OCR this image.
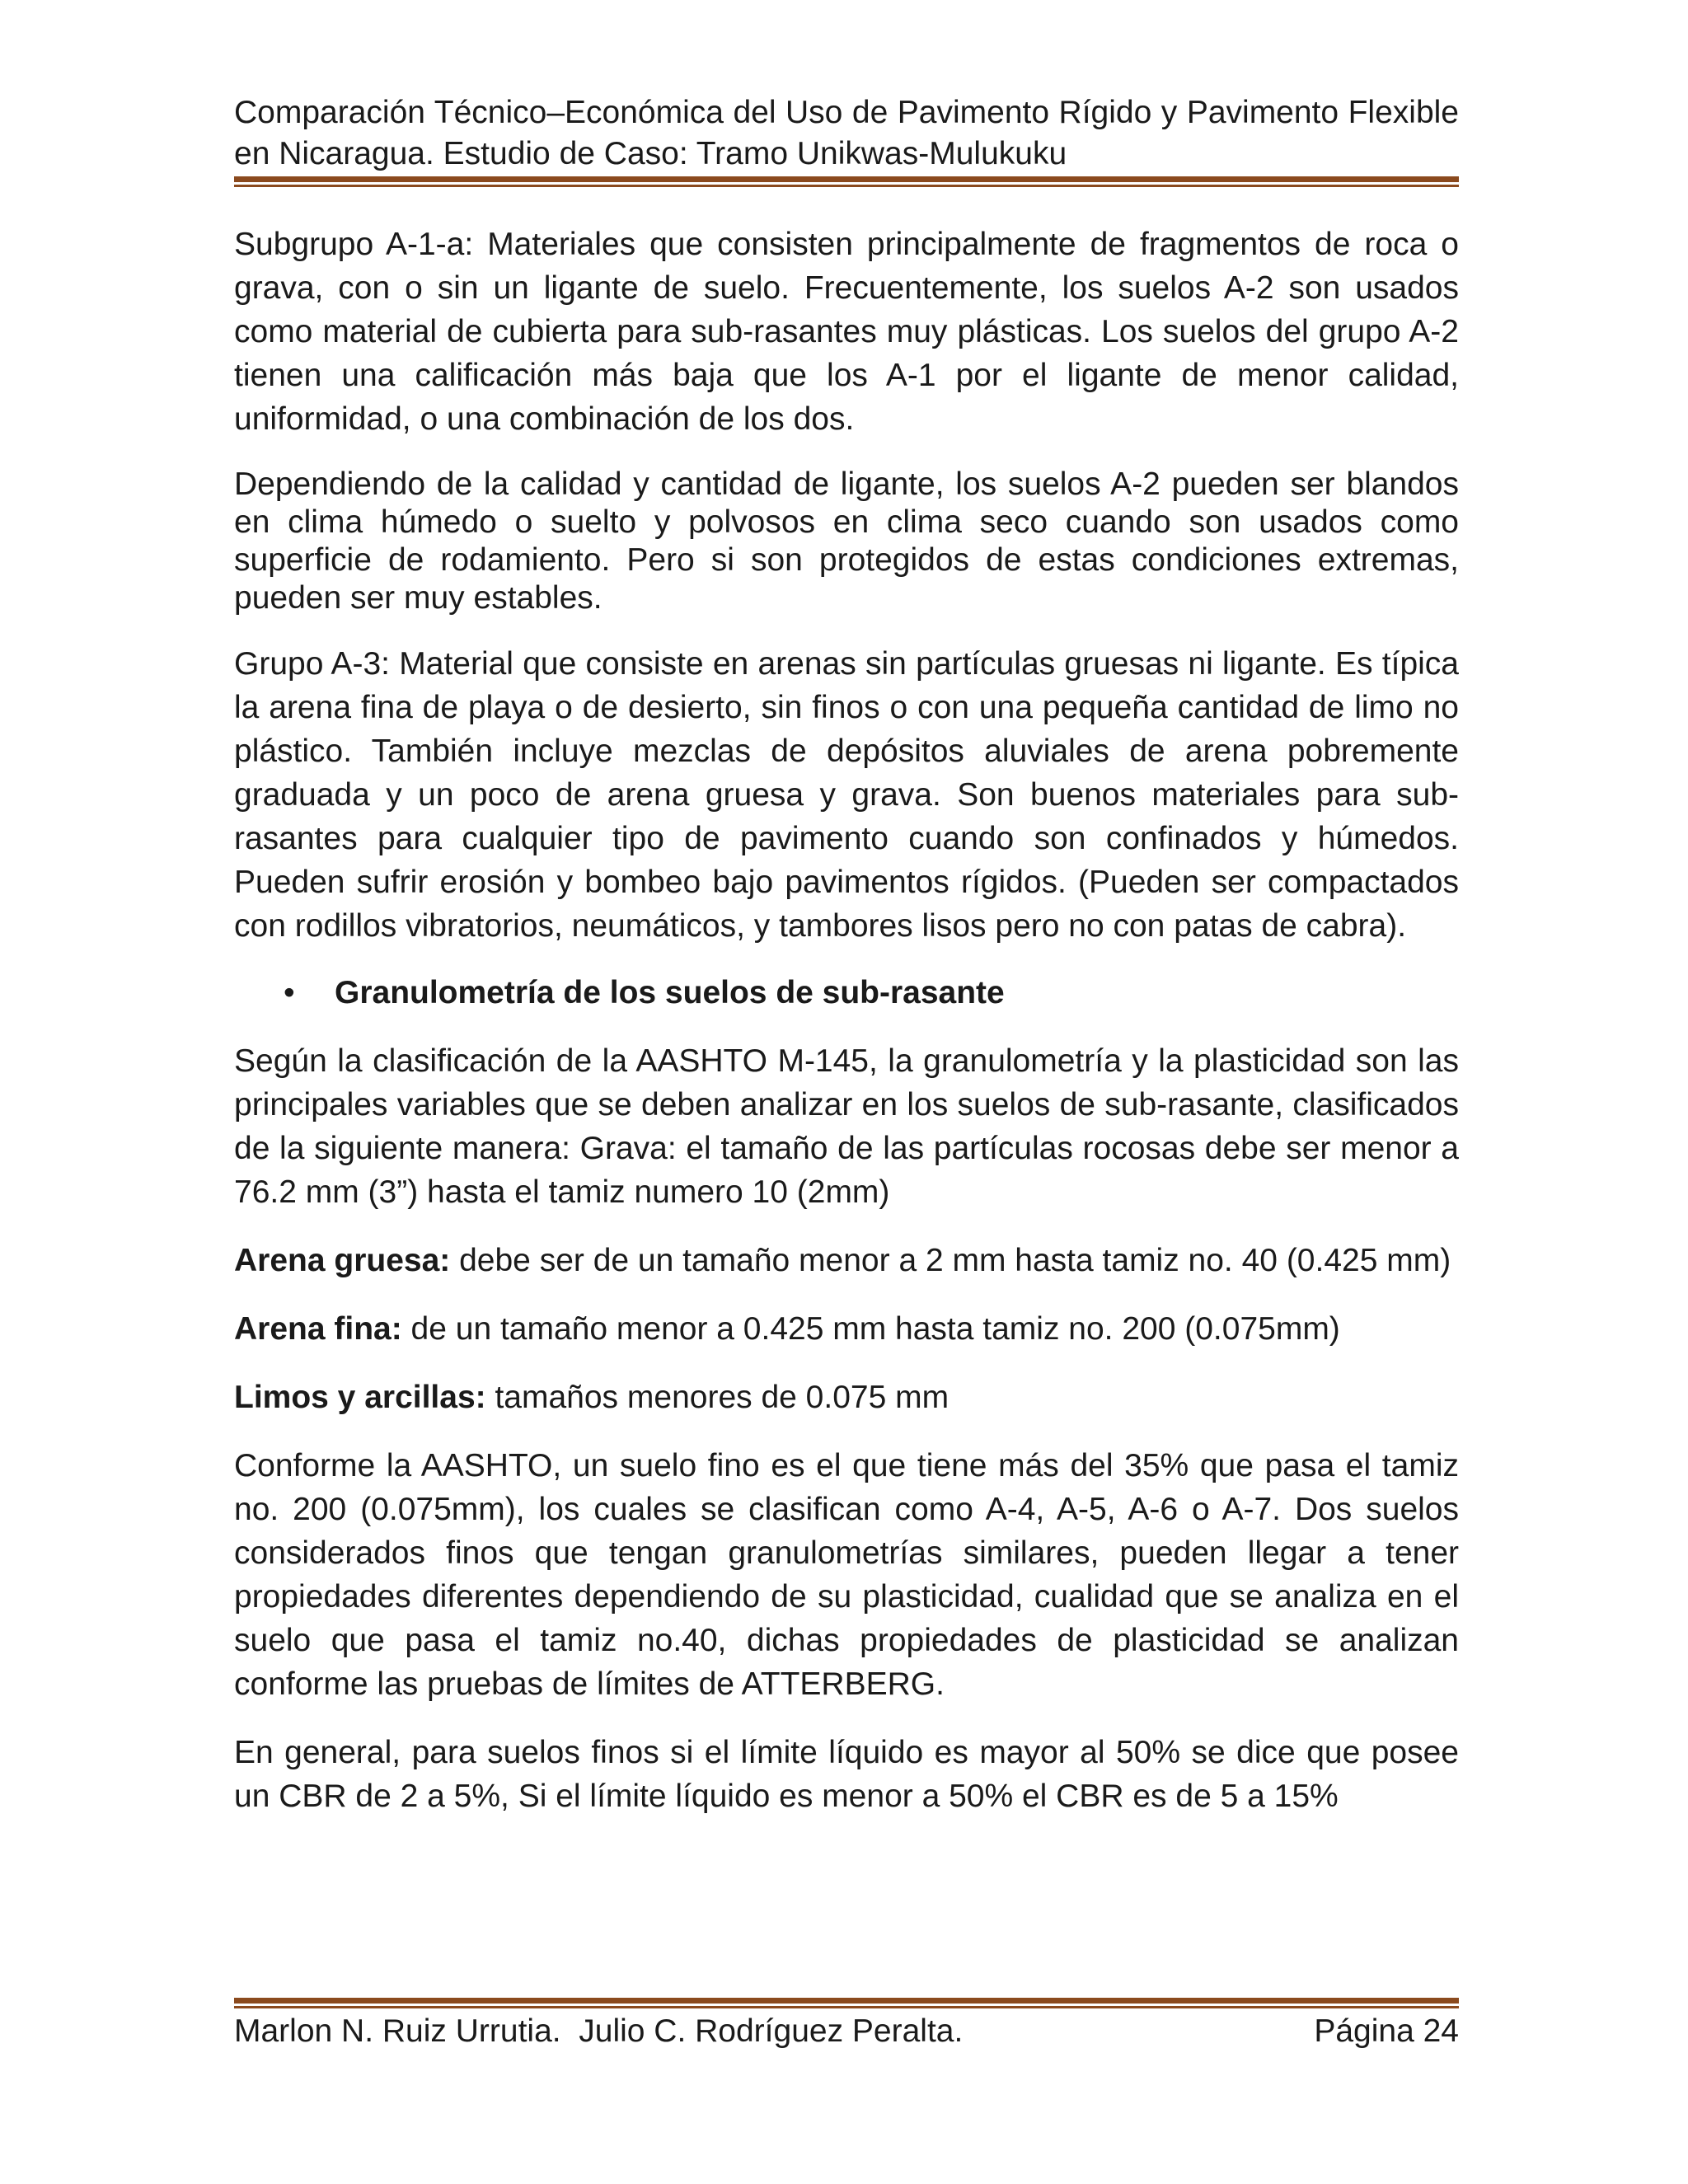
Comparación Técnico–Económica del Uso de Pavimento Rígido y Pavimento Flexible en Nicaragua. Estudio de Caso: Tramo Unikwas-Mulukuku

Subgrupo A-1-a: Materiales que consisten principalmente de fragmentos de roca o grava, con o sin un ligante de suelo. Frecuentemente, los suelos A-2 son usados como material de cubierta para sub-rasantes muy plásticas. Los suelos del grupo A-2 tienen una calificación más baja que los A-1 por el ligante de menor calidad, uniformidad, o una combinación de los dos.

Dependiendo de la calidad y cantidad de ligante, los suelos A-2 pueden ser blandos en clima húmedo o suelto y polvosos en clima seco cuando son usados como superficie de rodamiento. Pero si son protegidos de estas condiciones extremas, pueden ser muy estables.

Grupo A-3: Material que consiste en arenas sin partículas gruesas ni ligante. Es típica la arena fina de playa o de desierto, sin finos o con una pequeña cantidad de limo no plástico. También incluye mezclas de depósitos aluviales de arena pobremente graduada y un poco de arena gruesa y grava. Son buenos materiales para sub-rasantes para cualquier tipo de pavimento cuando son confinados y húmedos. Pueden sufrir erosión y bombeo bajo pavimentos rígidos. (Pueden ser compactados con rodillos vibratorios, neumáticos, y tambores lisos pero no con patas de cabra).

•	Granulometría de los suelos de sub-rasante

Según la clasificación de la AASHTO M-145, la granulometría y la plasticidad son las principales variables que se deben analizar en los suelos de sub-rasante, clasificados de la siguiente manera: Grava: el tamaño de las partículas rocosas debe ser menor a 76.2 mm (3”) hasta el tamiz numero 10 (2mm)

Arena gruesa: debe ser de un tamaño menor a 2 mm hasta tamiz no. 40 (0.425 mm)

Arena fina: de un tamaño menor a 0.425 mm hasta tamiz no. 200 (0.075mm)

Limos y arcillas: tamaños menores de 0.075 mm

Conforme la AASHTO, un suelo fino es el que tiene más del 35% que pasa el tamiz no. 200 (0.075mm), los cuales se clasifican como A-4, A-5, A-6 o A-7. Dos suelos considerados finos que tengan granulometrías similares, pueden llegar a tener propiedades diferentes dependiendo de su plasticidad, cualidad que se analiza en el suelo que pasa el tamiz no.40, dichas propiedades de plasticidad se analizan conforme las pruebas de límites de ATTERBERG.

En general, para suelos finos si el límite líquido es mayor al 50% se dice que posee un CBR de 2 a 5%, Si el límite líquido es menor a 50% el CBR es de 5 a 15%

Marlon N. Ruiz Urrutia.  Julio C. Rodríguez Peralta.	Página 24
